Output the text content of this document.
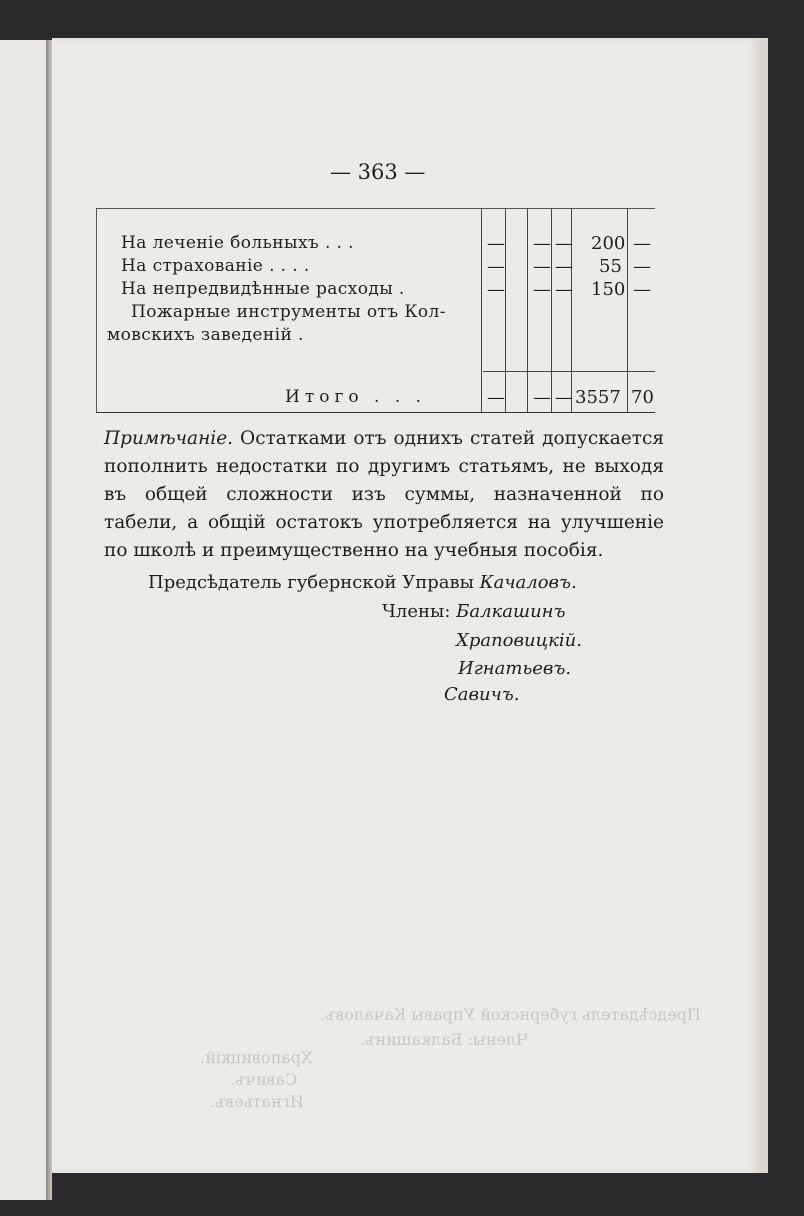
Предсѣдатель губернской Управы Качаловъ.
Члены: Балкашинъ.
Храповицкій.
Савичъ.
Игнатьевъ.
— 363 —
На леченіе больныхъ . . .	— — — 200 —
На страхованіе . . . .	— — — 55 —
На непредвидѣнные расходы .	— — — 150 —
Пожарные инструменты отъ Кол-
мовскихъ заведеній .
Итого . . .	— — — 3557 70

Примѣчаніе. Остатками отъ однихъ статей допускается пополнить недостатки по другимъ статьямъ, не выходя въ общей сложности изъ суммы, назначенной по табели, а общій остатокъ употребляется на улучшеніе по школѣ и преимущественно на учебныя пособія.

Предсѣдатель губернской Управы Качаловъ.
Члены: Балкашинъ
Храповицкій.
Игнатьевъ.
Савичъ.
